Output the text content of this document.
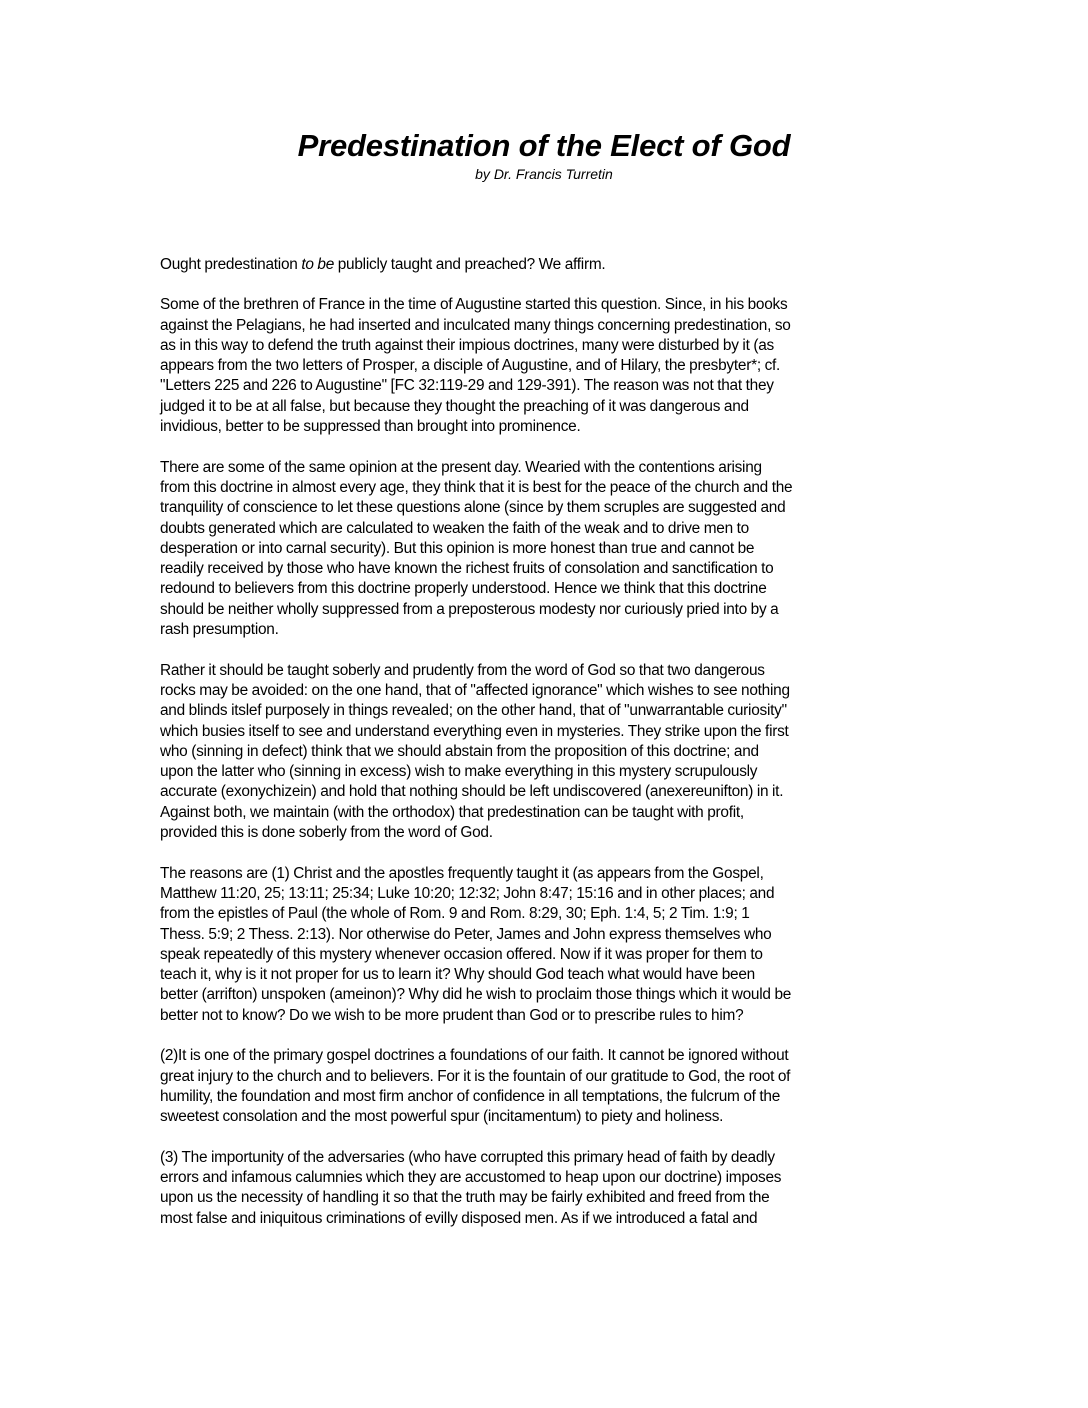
Predestination of the Elect of God
by Dr. Francis Turretin

Ought predestination to be publicly taught and preached? We affirm.

Some of the brethren of France in the time of Augustine started this question. Since, in his books
against the Pelagians, he had inserted and inculcated many things concerning predestination, so
as in this way to defend the truth against their impious doctrines, many were disturbed by it (as
appears from the two letters of Prosper, a disciple of Augustine, and of Hilary, the presbyter*; cf.
"Letters 225 and 226 to Augustine" [FC 32:119-29 and 129-391). The reason was not that they
judged it to be at all false, but because they thought the preaching of it was dangerous and
invidious, better to be suppressed than brought into prominence.

There are some of the same opinion at the present day. Wearied with the contentions arising
from this doctrine in almost every age, they think that it is best for the peace of the church and the
tranquility of conscience to let these questions alone (since by them scruples are suggested and
doubts generated which are calculated to weaken the faith of the weak and to drive men to
desperation or into carnal security). But this opinion is more honest than true and cannot be
readily received by those who have known the richest fruits of consolation and sanctification to
redound to believers from this doctrine properly understood. Hence we think that this doctrine
should be neither wholly suppressed from a preposterous modesty nor curiously pried into by a
rash presumption.

Rather it should be taught soberly and prudently from the word of God so that two dangerous
rocks may be avoided: on the one hand, that of "affected ignorance" which wishes to see nothing
and blinds itslef purposely in things revealed; on the other hand, that of "unwarrantable curiosity"
which busies itself to see and understand everything even in mysteries. They strike upon the first
who (sinning in defect) think that we should abstain from the proposition of this doctrine; and
upon the latter who (sinning in excess) wish to make everything in this mystery scrupulously
accurate (exonychizein) and hold that nothing should be left undiscovered (anexereunifton) in it.
Against both, we maintain (with the orthodox) that predestination can be taught with profit,
provided this is done soberly from the word of God.

The reasons are (1) Christ and the apostles frequently taught it (as appears from the Gospel,
Matthew 11:20, 25; 13:11; 25:34; Luke 10:20; 12:32; John 8:47; 15:16 and in other places; and
from the epistles of Paul (the whole of Rom. 9 and Rom. 8:29, 30; Eph. 1:4, 5; 2 Tim. 1:9; 1
Thess. 5:9; 2 Thess. 2:13). Nor otherwise do Peter, James and John express themselves who
speak repeatedly of this mystery whenever occasion offered. Now if it was proper for them to
teach it, why is it not proper for us to learn it? Why should God teach what would have been
better (arrifton) unspoken (ameinon)? Why did he wish to proclaim those things which it would be
better not to know? Do we wish to be more prudent than God or to prescribe rules to him?

(2)It is one of the primary gospel doctrines a foundations of our faith. It cannot be ignored without
great injury to the church and to believers. For it is the fountain of our gratitude to God, the root of
humility, the foundation and most firm anchor of confidence in all temptations, the fulcrum of the
sweetest consolation and the most powerful spur (incitamentum) to piety and holiness.

(3) The importunity of the adversaries (who have corrupted this primary head of faith by deadly
errors and infamous calumnies which they are accustomed to heap upon our doctrine) imposes
upon us the necessity of handling it so that the truth may be fairly exhibited and freed from the
most false and iniquitous criminations of evilly disposed men. As if we introduced a fatal and
